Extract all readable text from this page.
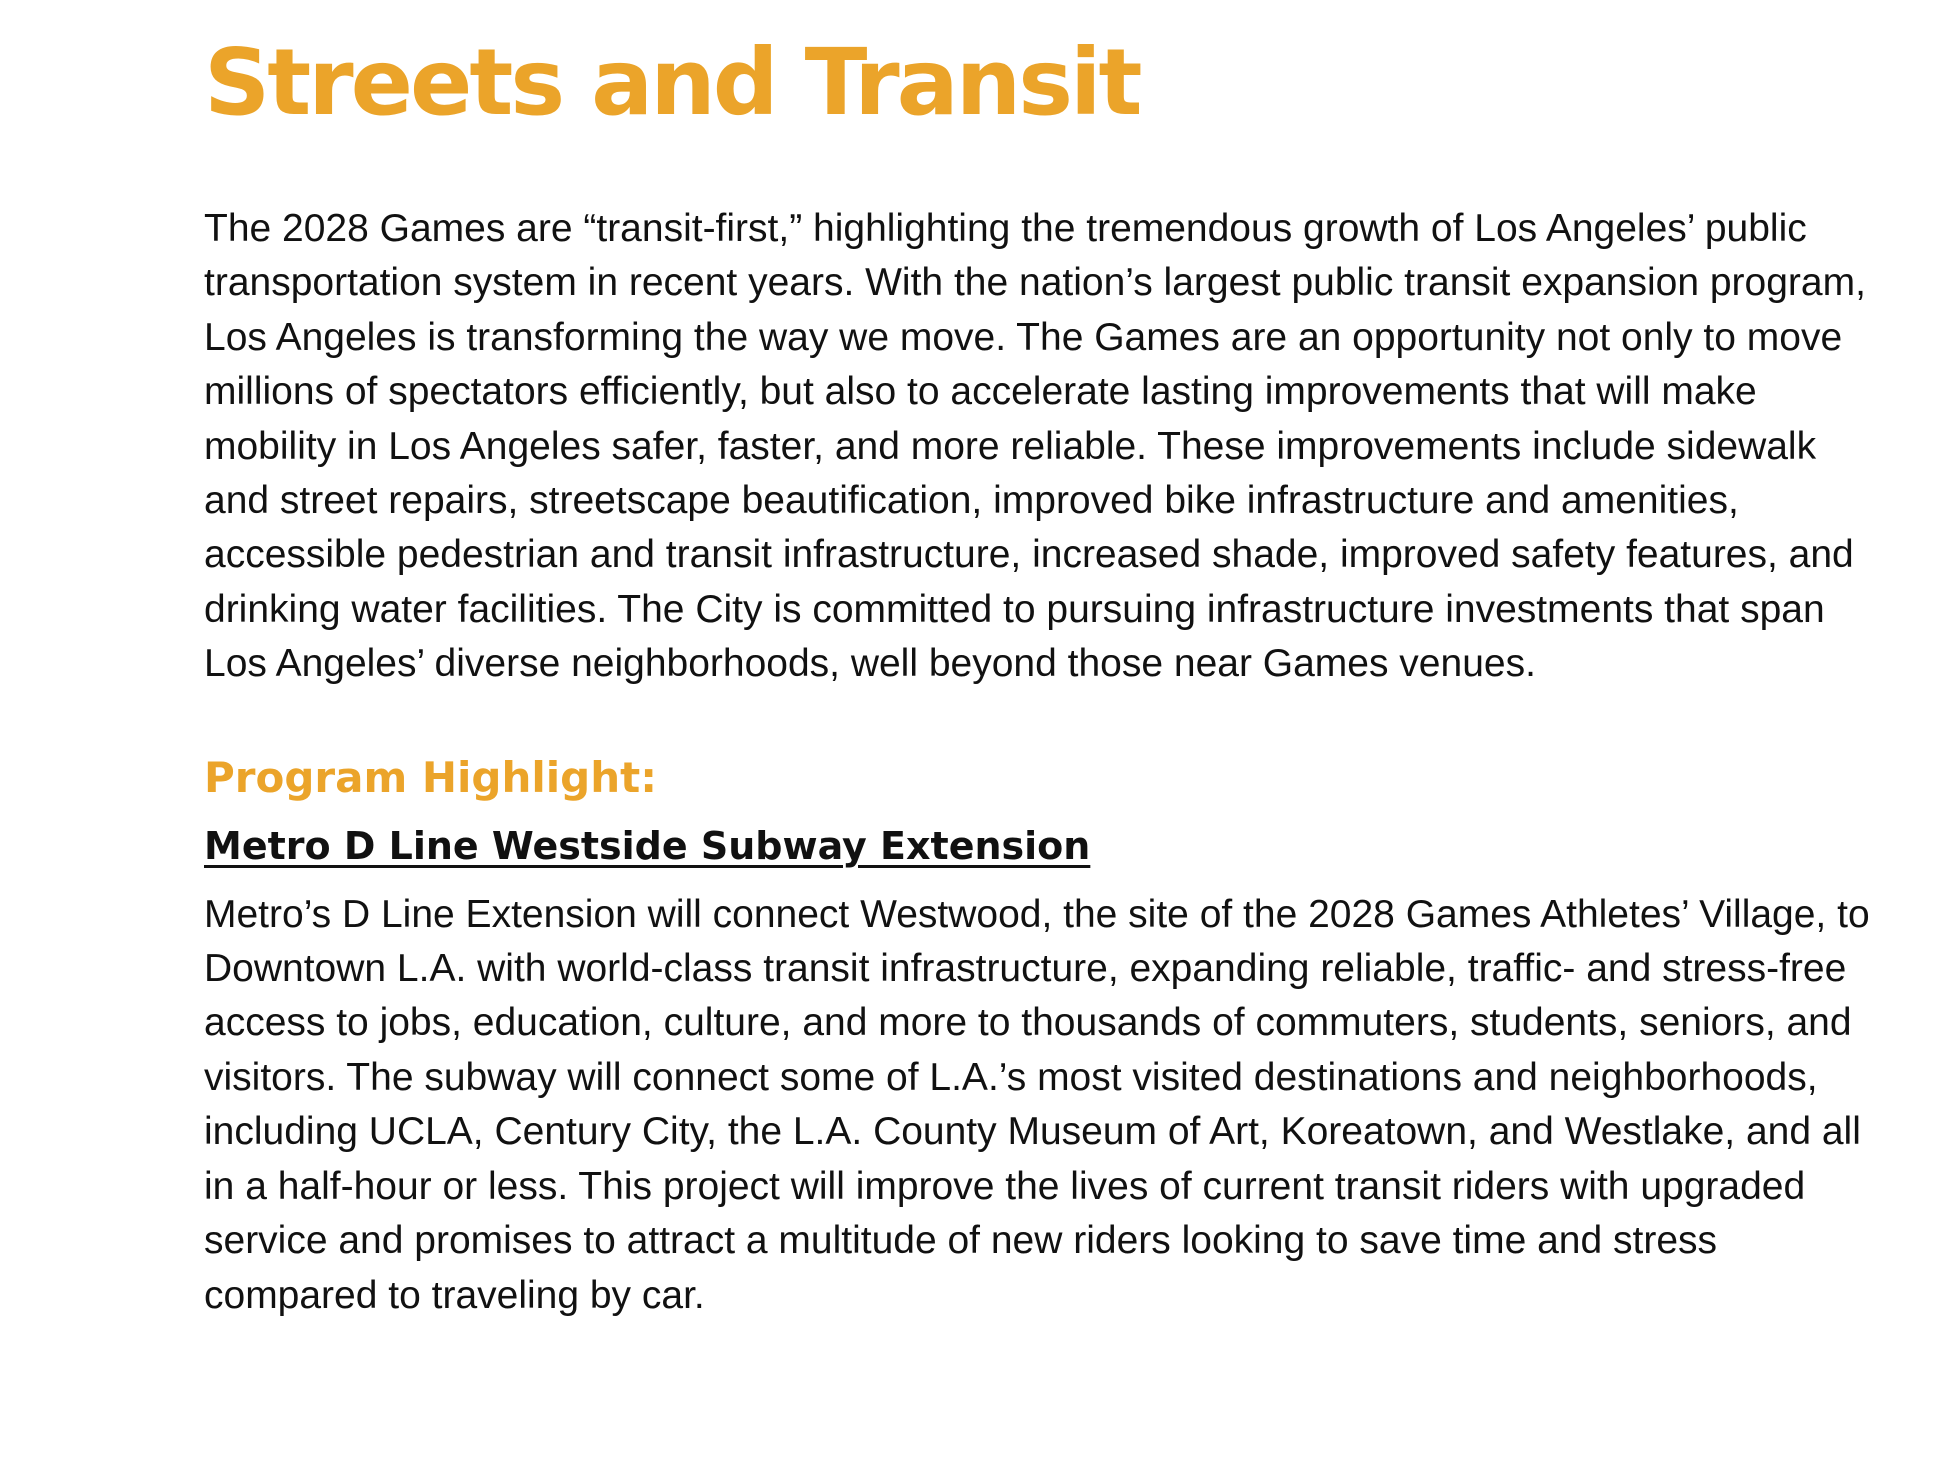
Streets and Transit

The 2028 Games are “transit-first,” highlighting the tremendous growth of Los Angeles’ public transportation system in recent years. With the nation’s largest public transit expansion program, Los Angeles is transforming the way we move. The Games are an opportunity not only to move millions of spectators efficiently, but also to accelerate lasting improvements that will make mobility in Los Angeles safer, faster, and more reliable. These improvements include sidewalk and street repairs, streetscape beautification, improved bike infrastructure and amenities, accessible pedestrian and transit infrastructure, increased shade, improved safety features, and drinking water facilities. The City is committed to pursuing infrastructure investments that span Los Angeles’ diverse neighborhoods, well beyond those near Games venues.

Program Highlight:
Metro D Line Westside Subway Extension

Metro’s D Line Extension will connect Westwood, the site of the 2028 Games Athletes’ Village, to Downtown L.A. with world-class transit infrastructure, expanding reliable, traffic- and stress-free access to jobs, education, culture, and more to thousands of commuters, students, seniors, and visitors. The subway will connect some of L.A.’s most visited destinations and neighborhoods, including UCLA, Century City, the L.A. County Museum of Art, Koreatown, and Westlake, and all in a half-hour or less. This project will improve the lives of current transit riders with upgraded service and promises to attract a multitude of new riders looking to save time and stress compared to traveling by car.
